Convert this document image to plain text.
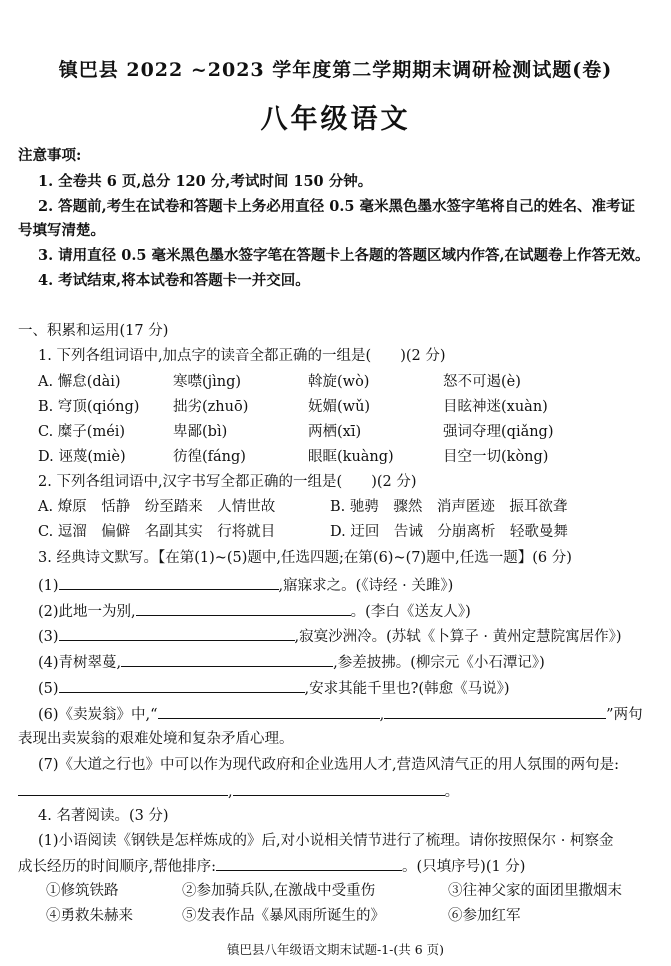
镇巴县 2022 ~2023 学年度第二学期期末调研检测试题(卷)
八年级语文
注意事项:
1. 全卷共 6 页,总分 120 分,考试时间 150 分钟。
2. 答题前,考生在试卷和答题卡上务必用直径 0.5 毫米黑色墨水签字笔将自己的姓名、准考证
号填写清楚。
3. 请用直径 0.5 毫米黑色墨水签字笔在答题卡上各题的答题区域内作答,在试题卷上作答无效。
4. 考试结束,将本试卷和答题卡一并交回。
一、积累和运用(17 分)
1. 下列各组词语中,加点字的读音全都正确的一组是(　　)(2 分)
A. 懈怠(dài)	寒噤(jìng)	斡旋(wò)	怒不可遏(è)
B. 穹顶(qióng) 拙劣(zhuō)	妩媚(wǔ)	目眩神迷(xuàn)
C. 糜子(méi)	卑鄙(bì)	两栖(xī)	强词夺理(qiǎng)
D. 诬蔑(miè)	彷徨(fáng)	眼眶(kuàng)	目空一切(kòng)
2. 下列各组词语中,汉字书写全都正确的一组是(　　)(2 分)
A. 燎原　恬静　纷至踏来　人情世故	B. 驰骋　骤然　消声匿迹　振耳欲聋
C. 逗溜　偏僻　名副其实　行将就目	D. 迂回　告诫　分崩离析　轻歌曼舞
3. 经典诗文默写。【在第(1)~(5)题中,任选四题;在第(6)~(7)题中,任选一题】(6 分)
(1)	,寤寐求之。(《诗经 · 关雎》)
(2)此地一为别,	。(李白《送友人》)
(3)	,寂寞沙洲冷。(苏轼《卜算子 · 黄州定慧院寓居作》)
(4)青树翠蔓,	,参差披拂。(柳宗元《小石潭记》)
(5)	,安求其能千里也?(韩愈《马说》)
(6)《卖炭翁》中,“	,	”两句
表现出卖炭翁的艰难处境和复杂矛盾心理。
(7)《大道之行也》中可以作为现代政府和企业选用人才,营造风清气正的用人氛围的两句是:
,	。
4. 名著阅读。(3 分)
(1)小语阅读《钢铁是怎样炼成的》后,对小说相关情节进行了梳理。请你按照保尔 · 柯察金
成长经历的时间顺序,帮他排序:	。(只填序号)(1 分)
①修筑铁路	②参加骑兵队,在激战中受重伤	③往神父家的面团里撒烟末
④勇救朱赫来	⑤发表作品《暴风雨所诞生的》	⑥参加红军
镇巴县八年级语文期末试题-1-(共 6 页)
